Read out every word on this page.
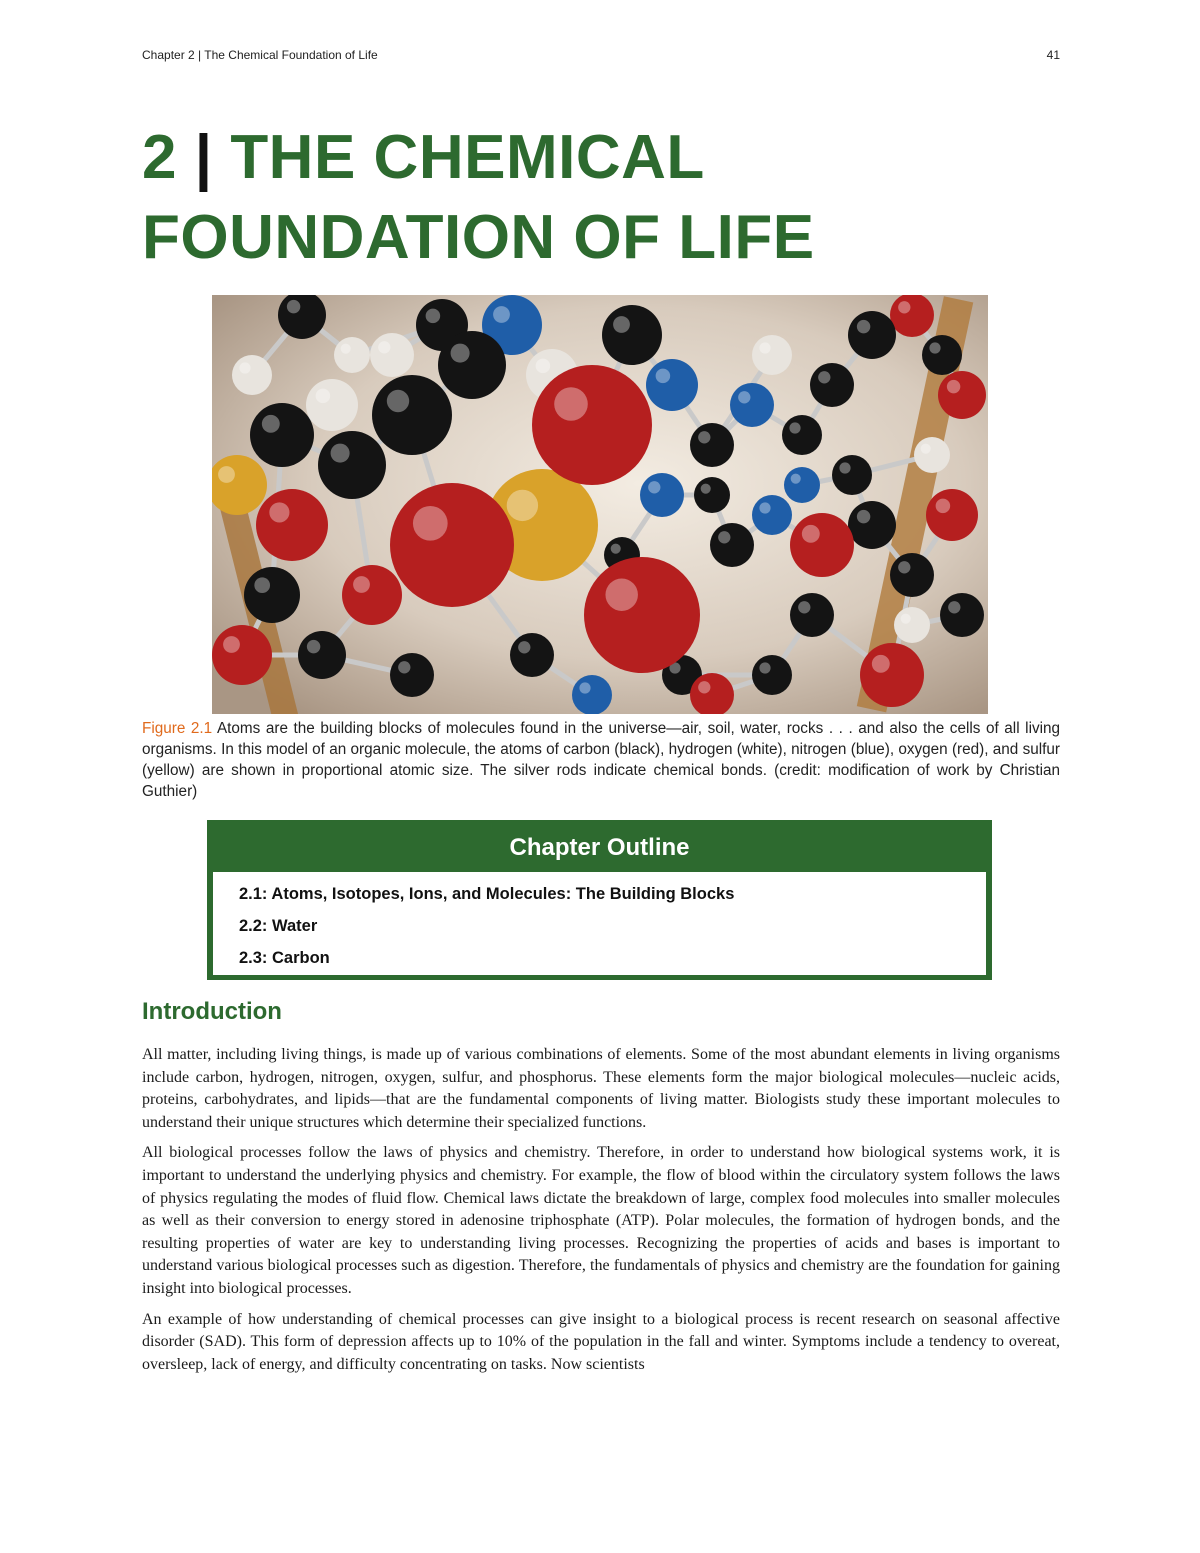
Chapter 2 | The Chemical Foundation of Life	41
2 | THE CHEMICAL
FOUNDATION OF LIFE
Figure 2.1 Atoms are the building blocks of molecules found in the universe—air, soil, water, rocks . . . and also the cells of all living organisms. In this model of an organic molecule, the atoms of carbon (black), hydrogen (white), nitrogen (blue), oxygen (red), and sulfur (yellow) are shown in proportional atomic size. The silver rods indicate chemical bonds. (credit: modification of work by Christian Guthier)
Chapter Outline
2.1: Atoms, Isotopes, Ions, and Molecules: The Building Blocks
2.2: Water
2.3: Carbon
Introduction

All matter, including living things, is made up of various combinations of elements. Some of the most abundant elements in living organisms include carbon, hydrogen, nitrogen, oxygen, sulfur, and phosphorus. These elements form the major biological molecules—nucleic acids, proteins, carbohydrates, and lipids—that are the fundamental components of living matter. Biologists study these important molecules to understand their unique structures which determine their specialized functions.

All biological processes follow the laws of physics and chemistry. Therefore, in order to understand how biological systems work, it is important to understand the underlying physics and chemistry. For example, the flow of blood within the circulatory system follows the laws of physics regulating the modes of fluid flow. Chemical laws dictate the breakdown of large, complex food molecules into smaller molecules as well as their conversion to energy stored in adenosine triphosphate (ATP). Polar molecules, the formation of hydrogen bonds, and the resulting properties of water are key to understanding living processes. Recognizing the properties of acids and bases is important to understand various biological processes such as digestion. Therefore, the fundamentals of physics and chemistry are the foundation for gaining insight into biological processes.

An example of how understanding of chemical processes can give insight to a biological process is recent research on seasonal affective disorder (SAD). This form of depression affects up to 10% of the population in the fall and winter. Symptoms include a tendency to overeat, oversleep, lack of energy, and difficulty concentrating on tasks. Now scientists
